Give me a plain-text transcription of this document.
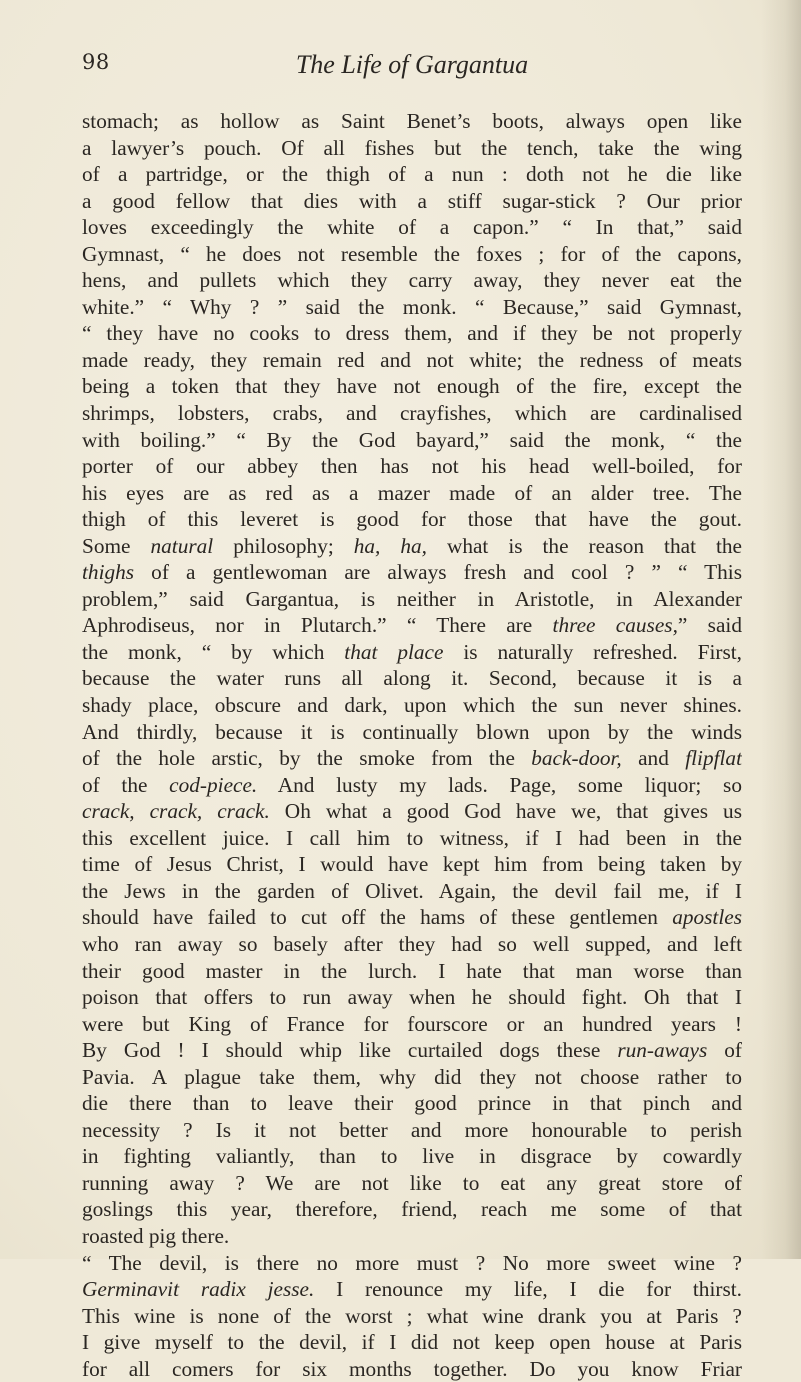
98	The Life of Gargantua
stomach; as hollow as Saint Benet’s boots, always open like
a lawyer’s pouch. Of all fishes but the tench, take the wing
of a partridge, or the thigh of a nun : doth not he die like
a good fellow that dies with a stiff sugar-stick ? Our prior
loves exceedingly the white of a capon.” “ In that,” said
Gymnast, “ he does not resemble the foxes ; for of the capons,
hens, and pullets which they carry away, they never eat the
white.” “ Why ? ” said the monk. “ Because,” said Gymnast,
“ they have no cooks to dress them, and if they be not properly
made ready, they remain red and not white; the redness of meats
being a token that they have not enough of the fire, except the
shrimps, lobsters, crabs, and crayfishes, which are cardinalised
with boiling.” “ By the God bayard,” said the monk, “ the
porter of our abbey then has not his head well-boiled, for
his eyes are as red as a mazer made of an alder tree. The
thigh of this leveret is good for those that have the gout.
Some natural philosophy; ha, ha, what is the reason that the
thighs of a gentlewoman are always fresh and cool ? ” “ This
problem,” said Gargantua, is neither in Aristotle, in Alexander
Aphrodiseus, nor in Plutarch.” “ There are three causes,” said
the monk, “ by which that place is naturally refreshed. First,
because the water runs all along it. Second, because it is a
shady place, obscure and dark, upon which the sun never shines.
And thirdly, because it is continually blown upon by the winds
of the hole arstic, by the smoke from the back-door, and flipflat
of the cod-piece. And lusty my lads. Page, some liquor; so
crack, crack, crack. Oh what a good God have we, that gives us
this excellent juice. I call him to witness, if I had been in the
time of Jesus Christ, I would have kept him from being taken by
the Jews in the garden of Olivet. Again, the devil fail me, if I
should have failed to cut off the hams of these gentlemen apostles
who ran away so basely after they had so well supped, and left
their good master in the lurch. I hate that man worse than
poison that offers to run away when he should fight. Oh that I
were but King of France for fourscore or an hundred years !
By God ! I should whip like curtailed dogs these run-aways of
Pavia. A plague take them, why did they not choose rather to
die there than to leave their good prince in that pinch and
necessity ? Is it not better and more honourable to perish
in fighting valiantly, than to live in disgrace by cowardly
running away ? We are not like to eat any great store of
goslings this year, therefore, friend, reach me some of that
roasted pig there.
“ The devil, is there no more must ? No more sweet wine ?
Germinavit radix jesse. I renounce my life, I die for thirst.
This wine is none of the worst ; what wine drank you at Paris ?
I give myself to the devil, if I did not keep open house at Paris
for all comers for six months together. Do you know Friar
